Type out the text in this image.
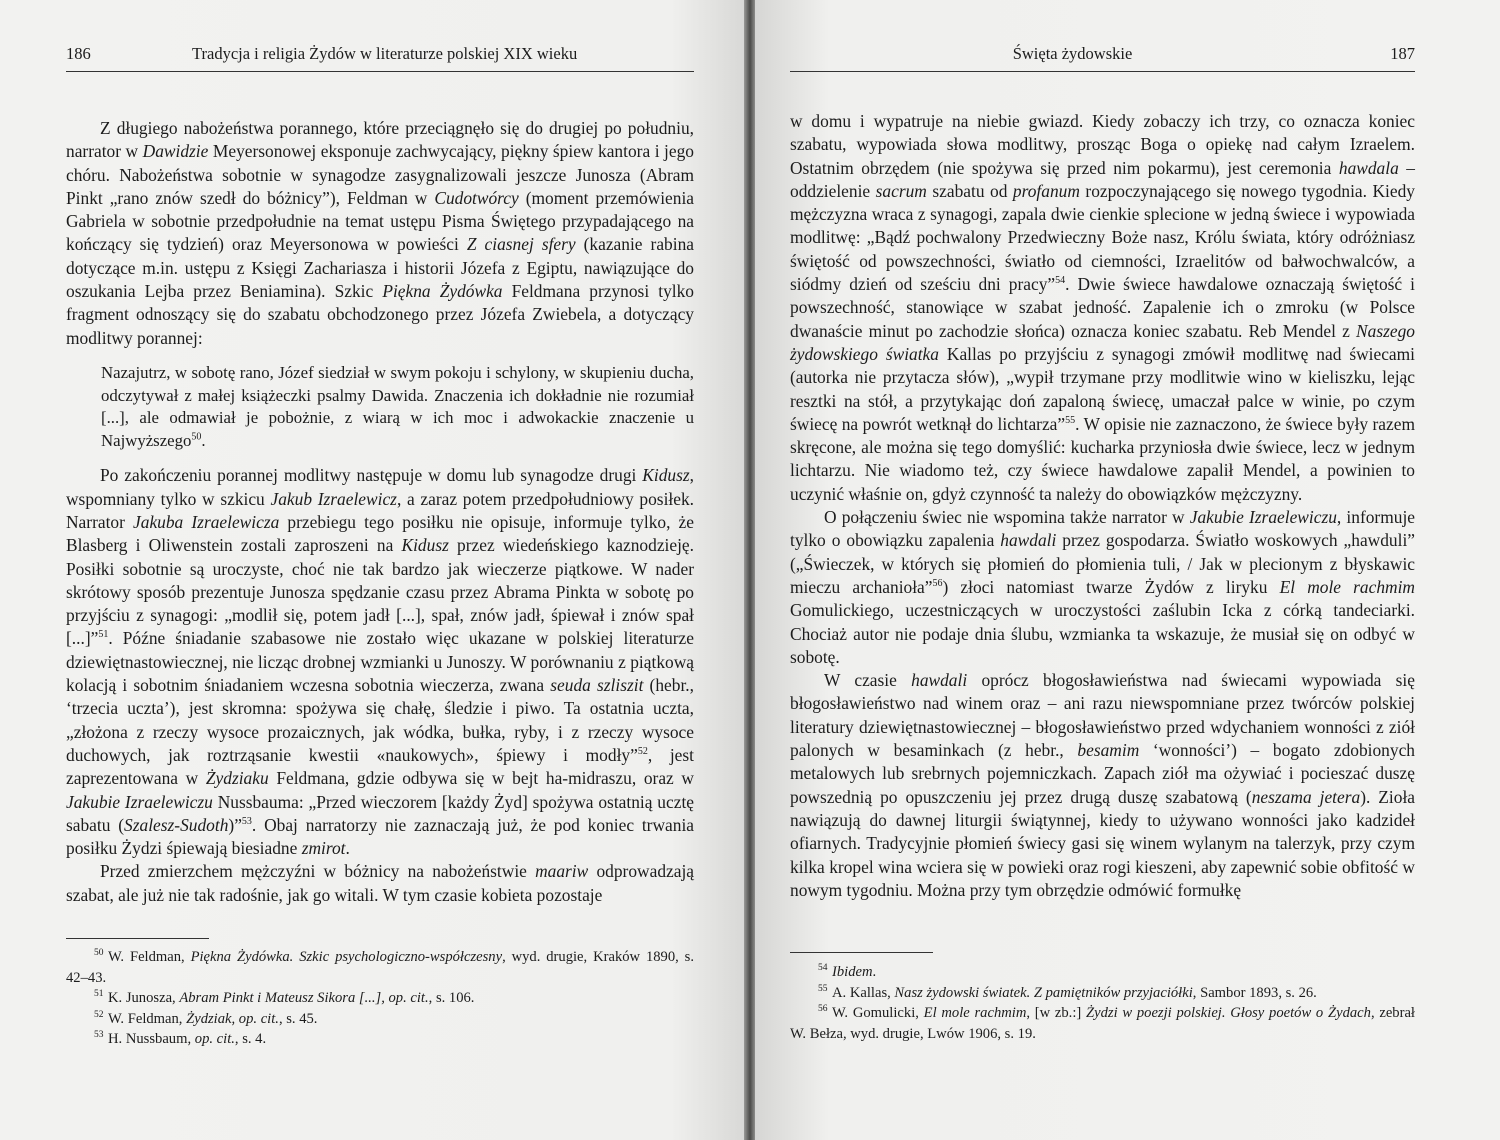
186	Tradycja i religia Żydów w literaturze polskiej XIX wieku

Z długiego nabożeństwa porannego, które przeciągnęło się do drugiej po południu, narrator w Dawidzie Meyersonowej eksponuje zachwycający, piękny śpiew kantora i jego chóru. Nabożeństwa sobotnie w synagodze zasygnalizowali jeszcze Junosza (Abram Pinkt „rano znów szedł do bóżnicy”), Feldman w Cudotwórcy (moment przemówienia Gabriela w sobotnie przedpołudnie na temat ustępu Pisma Świętego przypadającego na kończący się tydzień) oraz Meyersonowa w powieści Z ciasnej sfery (kazanie rabina dotyczące m.in. ustępu z Księgi Zachariasza i historii Józefa z Egiptu, nawiązujące do oszukania Lejba przez Beniamina). Szkic Piękna Żydówka Feldmana przynosi tylko fragment odnoszący się do szabatu obchodzonego przez Józefa Zwiebela, a dotyczący modlitwy porannej:

Nazajutrz, w sobotę rano, Józef siedział w swym pokoju i schylony, w skupieniu ducha, odczytywał z małej książeczki psalmy Dawida. Znaczenia ich dokładnie nie rozumiał [...], ale odmawiał je pobożnie, z wiarą w ich moc i adwokackie znaczenie u Najwyższego$^{50}$.

Po zakończeniu porannej modlitwy następuje w domu lub synagodze drugi Kidusz, wspomniany tylko w szkicu Jakub Izraelewicz, a zaraz potem przedpołudniowy posiłek. Narrator Jakuba Izraelewicza przebiegu tego posiłku nie opisuje, informuje tylko, że Blasberg i Oliwenstein zostali zaproszeni na Kidusz przez wiedeńskiego kaznodzieję. Posiłki sobotnie są uroczyste, choć nie tak bardzo jak wieczerze piątkowe. W nader skrótowy sposób prezentuje Junosza spędzanie czasu przez Abrama Pinkta w sobotę po przyjściu z synagogi: „modlił się, potem jadł [...], spał, znów jadł, śpiewał i znów spał [...]”$^{51}$. Późne śniadanie szabasowe nie zostało więc ukazane w polskiej literaturze dziewiętnastowiecznej, nie licząc drobnej wzmianki u Junoszy. W porównaniu z piątkową kolacją i sobotnim śniadaniem wczesna sobotnia wieczerza, zwana seuda szliszit (hebr., ‘trzecia uczta’), jest skromna: spożywa się chałę, śledzie i piwo. Ta ostatnia uczta, „złożona z rzeczy wysoce prozaicznych, jak wódka, bułka, ryby, i z rzeczy wysoce duchowych, jak roztrząsanie kwestii «naukowych», śpiewy i modły”$^{52}$, jest zaprezentowana w Żydziaku Feldmana, gdzie odbywa się w bejt ha-midraszu, oraz w Jakubie Izraelewiczu Nussbauma: „Przed wieczorem [każdy Żyd] spożywa ostatnią ucztę sabatu (Szalesz-Sudoth)”$^{53}$. Obaj narratorzy nie zaznaczają już, że pod koniec trwania posiłku Żydzi śpiewają biesiadne zmirot.

Przed zmierzchem mężczyźni w bóżnicy na nabożeństwie maariw odprowadzają szabat, ale już nie tak radośnie, jak go witali. W tym czasie kobieta pozostaje

50 W. Feldman, Piękna Żydówka. Szkic psychologiczno-współczesny, wyd. drugie, Kraków 1890, s. 42–43.

51 K. Junosza, Abram Pinkt i Mateusz Sikora [...], op. cit., s. 106.

52 W. Feldman, Żydziak, op. cit., s. 45.

53 H. Nussbaum, op. cit., s. 4.

Święta żydowskie	187

w domu i wypatruje na niebie gwiazd. Kiedy zobaczy ich trzy, co oznacza koniec szabatu, wypowiada słowa modlitwy, prosząc Boga o opiekę nad całym Izraelem. Ostatnim obrzędem (nie spożywa się przed nim pokarmu), jest ceremonia hawdala – oddzielenie sacrum szabatu od profanum rozpoczynającego się nowego tygodnia. Kiedy mężczyzna wraca z synagogi, zapala dwie cienkie splecione w jedną świece i wypowiada modlitwę: „Bądź pochwalony Przedwieczny Boże nasz, Królu świata, który odróżniasz świętość od powszechności, światło od ciemności, Izraelitów od bałwochwalców, a siódmy dzień od sześciu dni pracy”$^{54}$. Dwie świece hawdalowe oznaczają świętość i powszechność, stanowiące w szabat jedność. Zapalenie ich o zmroku (w Polsce dwanaście minut po zachodzie słońca) oznacza koniec szabatu. Reb Mendel z Naszego żydowskiego światka Kallas po przyjściu z synagogi zmówił modlitwę nad świecami (autorka nie przytacza słów), „wypił trzymane przy modlitwie wino w kieliszku, lejąc resztki na stół, a przytykając doń zapaloną świecę, umaczał palce w winie, po czym świecę na powrót wetknął do lichtarza”$^{55}$. W opisie nie zaznaczono, że świece były razem skręcone, ale można się tego domyślić: kucharka przyniosła dwie świece, lecz w jednym lichtarzu. Nie wiadomo też, czy świece hawdalowe zapalił Mendel, a powinien to uczynić właśnie on, gdyż czynność ta należy do obowiązków mężczyzny.

O połączeniu świec nie wspomina także narrator w Jakubie Izraelewiczu, informuje tylko o obowiązku zapalenia hawdali przez gospodarza. Światło woskowych „hawduli” („Świeczek, w których się płomień do płomienia tuli, / Jak w plecionym z błyskawic mieczu archanioła”$^{56}$) złoci natomiast twarze Żydów z liryku El mole rachmim Gomulickiego, uczestniczących w uroczystości zaślubin Icka z córką tandeciarki. Chociaż autor nie podaje dnia ślubu, wzmianka ta wskazuje, że musiał się on odbyć w sobotę.

W czasie hawdali oprócz błogosławieństwa nad świecami wypowiada się błogosławieństwo nad winem oraz – ani razu niewspomniane przez twórców polskiej literatury dziewiętnastowiecznej – błogosławieństwo przed wdychaniem wonności z ziół palonych w besaminkach (z hebr., besamim ‘wonności’) – bogato zdobionych metalowych lub srebrnych pojemniczkach. Zapach ziół ma ożywiać i pocieszać duszę powszednią po opuszczeniu jej przez drugą duszę szabatową (neszama jetera). Zioła nawiązują do dawnej liturgii świątynnej, kiedy to używano wonności jako kadzideł ofiarnych. Tradycyjnie płomień świecy gasi się winem wylanym na talerzyk, przy czym kilka kropel wina wciera się w powieki oraz rogi kieszeni, aby zapewnić sobie obfitość w nowym tygodniu. Można przy tym obrzędzie odmówić formułkę

54 Ibidem.

55 A. Kallas, Nasz żydowski światek. Z pamiętników przyjaciółki, Sambor 1893, s. 26.

56 W. Gomulicki, El mole rachmim, [w zb.:] Żydzi w poezji polskiej. Głosy poetów o Żydach, zebrał W. Bełza, wyd. drugie, Lwów 1906, s. 19.
